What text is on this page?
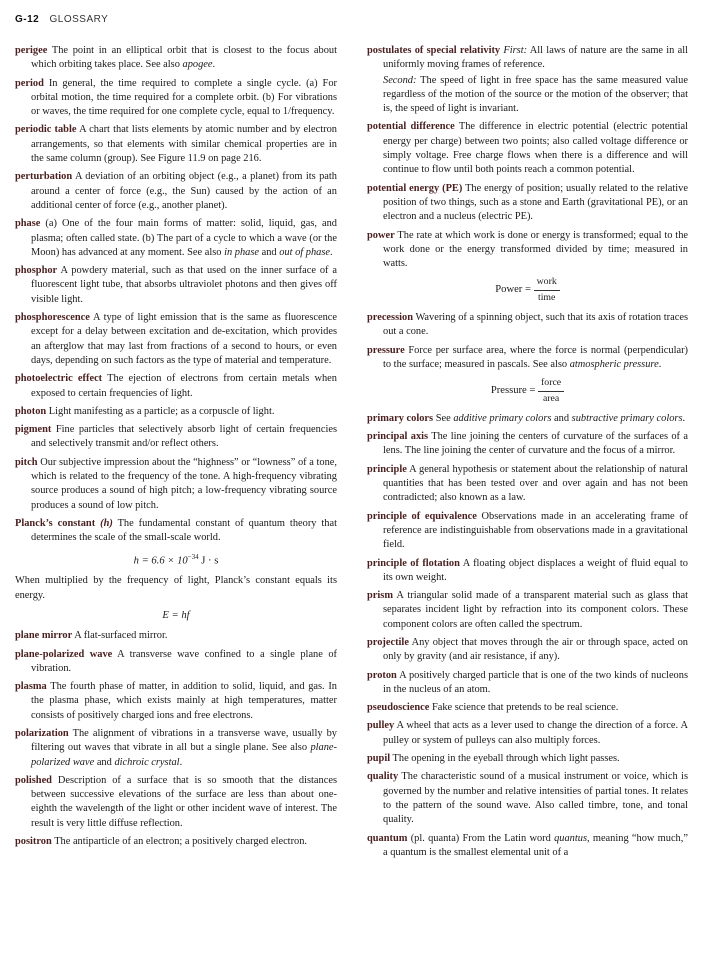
G-12 GLOSSARY

perigee The point in an elliptical orbit that is closest to the focus about which orbiting takes place. See also apogee.

period In general, the time required to complete a single cycle. (a) For orbital motion, the time required for a complete orbit. (b) For vibrations or waves, the time required for one complete cycle, equal to 1/frequency.

periodic table A chart that lists elements by atomic number and by electron arrangements, so that elements with similar chemical properties are in the same column (group). See Figure 11.9 on page 216.

perturbation A deviation of an orbiting object (e.g., a planet) from its path around a center of force (e.g., the Sun) caused by the action of an additional center of force (e.g., another planet).

phase (a) One of the four main forms of matter: solid, liquid, gas, and plasma; often called state. (b) The part of a cycle to which a wave (or the Moon) has advanced at any moment. See also in phase and out of phase.

phosphor A powdery material, such as that used on the inner surface of a fluorescent light tube, that absorbs ultraviolet photons and then gives off visible light.

phosphorescence A type of light emission that is the same as fluorescence except for a delay between excitation and de-excitation, which provides an afterglow that may last from fractions of a second to hours, or even days, depending on such factors as the type of material and temperature.

photoelectric effect The ejection of electrons from certain metals when exposed to certain frequencies of light.

photon Light manifesting as a particle; as a corpuscle of light.

pigment Fine particles that selectively absorb light of certain frequencies and selectively transmit and/or reflect others.

pitch Our subjective impression about the “highness” or “lowness” of a tone, which is related to the frequency of the tone. A high-frequency vibrating source produces a sound of high pitch; a low-frequency vibrating source produces a sound of low pitch.

Planck’s constant (h) The fundamental constant of quantum theory that determines the scale of the small-scale world.

$h = 6.6 \times 10^{-34}$ J · s

When multiplied by the frequency of light, Planck’s constant equals its energy.

E = hf

plane mirror A flat-surfaced mirror.

plane-polarized wave A transverse wave confined to a single plane of vibration.

plasma The fourth phase of matter, in addition to solid, liquid, and gas. In the plasma phase, which exists mainly at high temperatures, matter consists of positively charged ions and free electrons.

polarization The alignment of vibrations in a transverse wave, usually by filtering out waves that vibrate in all but a single plane. See also plane-polarized wave and dichroic crystal.

polished Description of a surface that is so smooth that the distances between successive elevations of the surface are less than about one-eighth the wavelength of the light or other incident wave of interest. The result is very little diffuse reflection.

positron The antiparticle of an electron; a positively charged electron.

postulates of special relativity First: All laws of nature are the same in all uniformly moving frames of reference.

Second: The speed of light in free space has the same measured value regardless of the motion of the source or the motion of the observer; that is, the speed of light is invariant.

potential difference The difference in electric potential (electric potential energy per charge) between two points; also called voltage difference or simply voltage. Free charge flows when there is a difference and will continue to flow until both points reach a common potential.

potential energy (PE) The energy of position; usually related to the relative position of two things, such as a stone and Earth (gravitational PE), or an electron and a nucleus (electric PE).

power The rate at which work is done or energy is transformed; equal to the work done or the energy transformed divided by time; measured in watts.

Power = $\frac{\text{work}}{\text{time}}$

precession Wavering of a spinning object, such that its axis of rotation traces out a cone.

pressure Force per surface area, where the force is normal (perpendicular) to the surface; measured in pascals. See also atmospheric pressure.

Pressure = $\frac{\text{force}}{\text{area}}$

primary colors See additive primary colors and subtractive primary colors.

principal axis The line joining the centers of curvature of the surfaces of a lens. The line joining the center of curvature and the focus of a mirror.

principle A general hypothesis or statement about the relationship of natural quantities that has been tested over and over again and has not been contradicted; also known as a law.

principle of equivalence Observations made in an accelerating frame of reference are indistinguishable from observations made in a gravitational field.

principle of flotation A floating object displaces a weight of fluid equal to its own weight.

prism A triangular solid made of a transparent material such as glass that separates incident light by refraction into its component colors. These component colors are often called the spectrum.

projectile Any object that moves through the air or through space, acted on only by gravity (and air resistance, if any).

proton A positively charged particle that is one of the two kinds of nucleons in the nucleus of an atom.

pseudoscience Fake science that pretends to be real science.

pulley A wheel that acts as a lever used to change the direction of a force. A pulley or system of pulleys can also multiply forces.

pupil The opening in the eyeball through which light passes.

quality The characteristic sound of a musical instrument or voice, which is governed by the number and relative intensities of partial tones. It relates to the pattern of the sound wave. Also called timbre, tone, and tonal quality.

quantum (pl. quanta) From the Latin word quantus, meaning “how much,” a quantum is the smallest elemental unit of a
